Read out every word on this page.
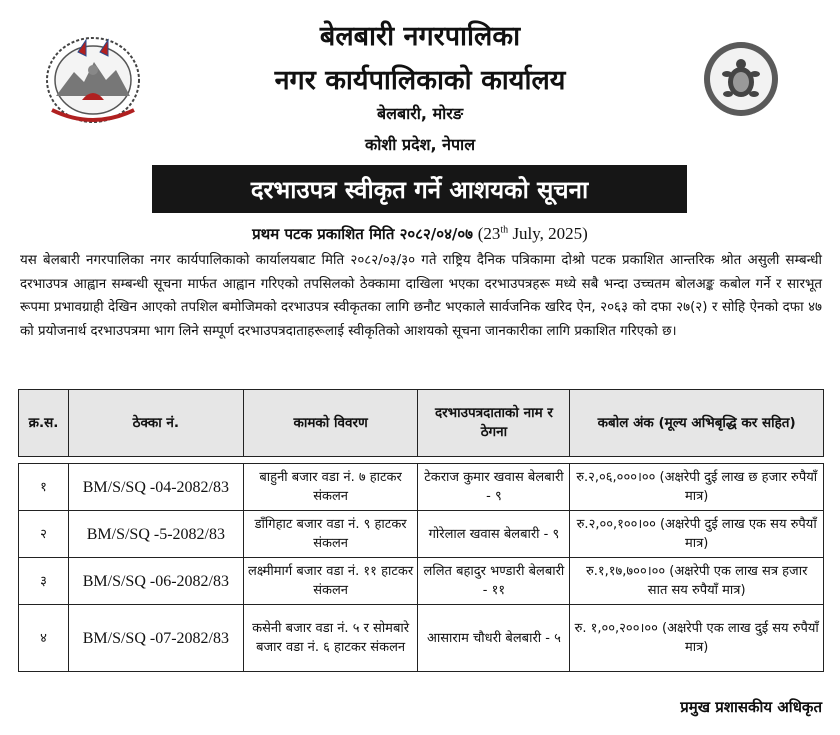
बेलबारी नगरपालिका
नगर कार्यपालिकाको कार्यालय
बेलबारी, मोरङ
कोशी प्रदेश, नेपाल
दरभाउपत्र स्वीकृत गर्ने आशयको सूचना
प्रथम पटक प्रकाशित मिति २०८२/०४/०७ (23th July, 2025)
यस बेलबारी नगरपालिका नगर कार्यपालिकाको कार्यालयबाट मिति २०८२/०३/३० गते राष्ट्रिय दैनिक पत्रिकामा दोश्रो पटक प्रकाशित आन्तरिक श्रोत असुली सम्बन्धी दरभाउपत्र आह्वान सम्बन्धी सूचना मार्फत आह्वान गरिएको तपसिलको ठेक्कामा दाखिला भएका दरभाउपत्रहरू मध्ये सबै भन्दा उच्चतम बोलअङ्क कबोल गर्ने र सारभूत रूपमा प्रभावग्राही देखिन आएको तपशिल बमोजिमको दरभाउपत्र स्वीकृतका लागि छनौट भएकाले सार्वजनिक खरिद ऐन, २०६३ को दफा २७(२) र सोहि ऐनको दफा ४७ को प्रयोजनार्थ दरभाउपत्रमा भाग लिने सम्पूर्ण दरभाउपत्रदाताहरूलाई स्वीकृतिको आशयको सूचना जानकारीका लागि प्रकाशित गरिएको छ।
क्र.स.	ठेक्का नं.	कामको विवरण	दरभाउपत्रदाताको नाम र ठेगना	कबोल अंक (मूल्य अभिबृद्धि कर सहित)

१	BM/S/SQ -04-2082/83	बाहुनी बजार वडा नं. ७ हाटकर संकलन	टेकराज कुमार खवास बेलबारी - ९	रु.२,०६,०००।०० (अक्षरेपी दुई लाख छ हजार रुपैयाँ मात्र)
२	BM/S/SQ -5-2082/83	डाँगिहाट बजार वडा नं. ९ हाटकर संकलन	गोरेलाल खवास बेलबारी - ९	रु.२,००,१००।०० (अक्षरेपी दुई लाख एक सय रुपैयाँ मात्र)
३	BM/S/SQ -06-2082/83	लक्ष्मीमार्ग बजार वडा नं. ११ हाटकर संकलन	ललित बहादुर भण्डारी बेलबारी - ११	रु.१,१७,७००।०० (अक्षरेपी एक लाख सत्र हजार सात सय रुपैयाँ मात्र)
४	BM/S/SQ -07-2082/83	कसेनी बजार वडा नं. ५ र सोमबारे बजार वडा नं. ६ हाटकर संकलन	आसाराम चौधरी बेलबारी - ५	रु. १,००,२००।०० (अक्षरेपी एक लाख दुई सय रुपैयाँ मात्र)
प्रमुख प्रशासकीय अधिकृत
